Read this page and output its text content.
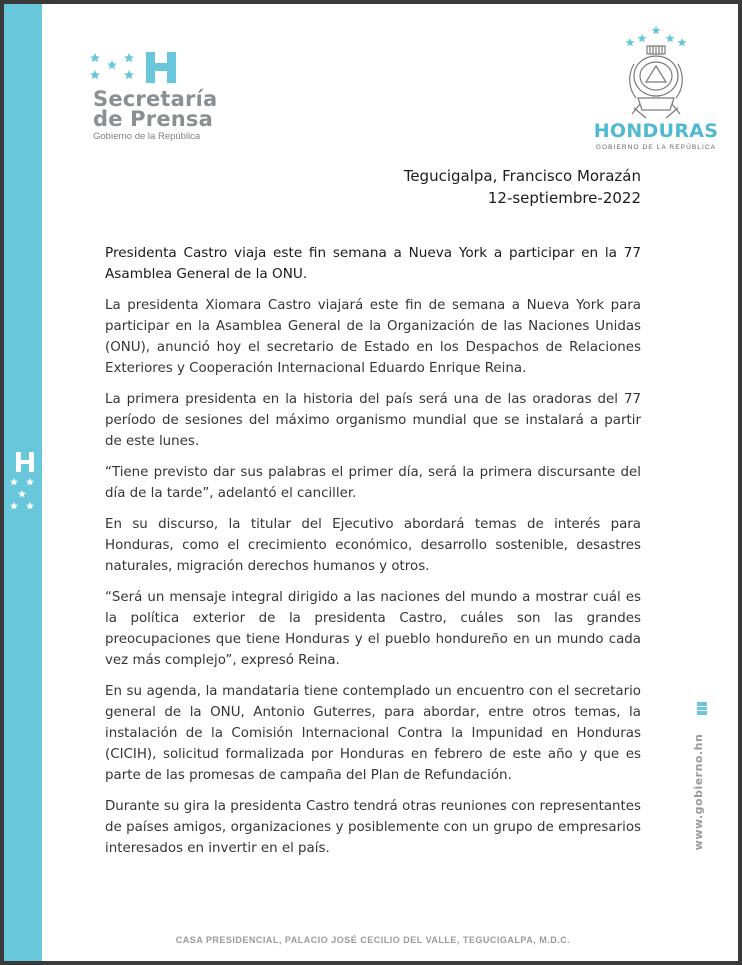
Secretaría
de Prensa
Gobierno de la República	HONDURAS
GOBIERNO DE LA REPÚBLICA
Tegucigalpa, Francisco Morazán
12-septiembre-2022

Presidenta Castro viaja este fin semana a Nueva York a participar en la 77 Asamblea General de la ONU.

La presidenta Xiomara Castro viajará este fin de semana a Nueva York para participar en la Asamblea General de la Organización de las Naciones Unidas (ONU), anunció hoy el secretario de Estado en los Despachos de Relaciones Exteriores y Cooperación Internacional Eduardo Enrique Reina.

La primera presidenta en la historia del país será una de las oradoras del 77 período de sesiones del máximo organismo mundial que se instalará a partir de este lunes.

“Tiene previsto dar sus palabras el primer día, será la primera discursante del día de la tarde”, adelantó el canciller.

En su discurso, la titular del Ejecutivo abordará temas de interés para Honduras, como el crecimiento económico, desarrollo sostenible, desastres naturales, migración derechos humanos y otros.

“Será un mensaje integral dirigido a las naciones del mundo a mostrar cuál es la política exterior de la presidenta Castro, cuáles son las grandes preocupaciones que tiene Honduras y el pueblo hondureño en un mundo cada vez más complejo”, expresó Reina.

En su agenda, la mandataria tiene contemplado un encuentro con el secretario general de la ONU, Antonio Guterres, para abordar, entre otros temas, la instalación de la Comisión Internacional Contra la Impunidad en Honduras (CICIH), solicitud formalizada por Honduras en febrero de este año y que es parte de las promesas de campaña del Plan de Refundación.

Durante su gira la presidenta Castro tendrá otras reuniones con representantes de países amigos, organizaciones y posiblemente con un grupo de empresarios interesados en invertir en el país.	www.gobierno.hn
CASA PRESIDENCIAL, PALACIO JOSÉ CECILIO DEL VALLE, TEGUCIGALPA, M.D.C.
